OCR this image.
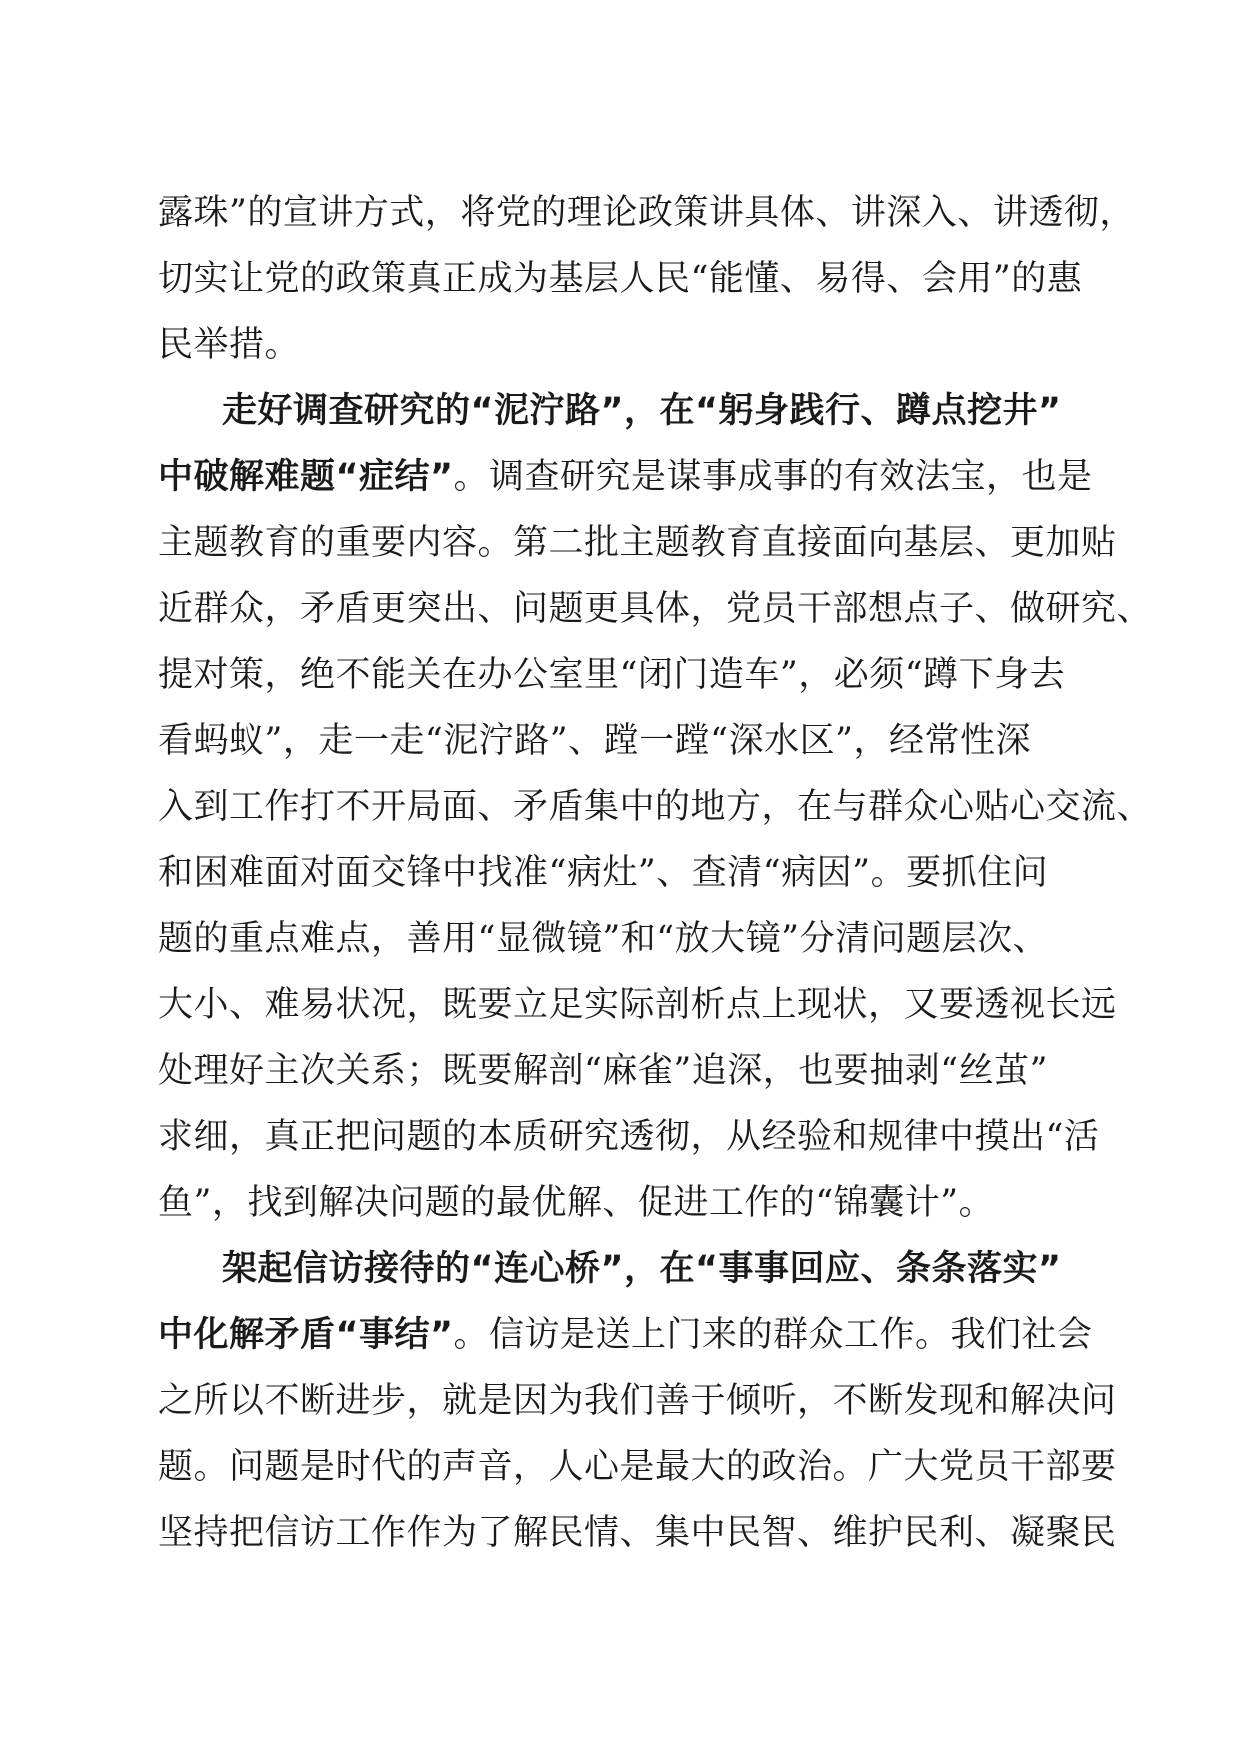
露珠”的宣讲方式，将党的理论政策讲具体、讲深入、讲透彻，
切实让党的政策真正成为基层人民“能懂、易得、会用”的惠
民举措。
走好调查研究的“泥泞路”，在“躬身践行、蹲点挖井”
中破解难题“症结”。调查研究是谋事成事的有效法宝，也是
主题教育的重要内容。第二批主题教育直接面向基层、更加贴
近群众，矛盾更突出、问题更具体，党员干部想点子、做研究、
提对策，绝不能关在办公室里“闭门造车”，必须“蹲下身去
看蚂蚁”，走一走“泥泞路”、蹚一蹚“深水区”，经常性深
入到工作打不开局面、矛盾集中的地方，在与群众心贴心交流、
和困难面对面交锋中找准“病灶”、查清“病因”。要抓住问
题的重点难点，善用“显微镜”和“放大镜”分清问题层次、
大小、难易状况，既要立足实际剖析点上现状，又要透视长远
处理好主次关系；既要解剖“麻雀”追深，也要抽剥“丝茧”
求细，真正把问题的本质研究透彻，从经验和规律中摸出“活
鱼”，找到解决问题的最优解、促进工作的“锦囊计”。
架起信访接待的“连心桥”，在“事事回应、条条落实”
中化解矛盾“事结”。信访是送上门来的群众工作。我们社会
之所以不断进步，就是因为我们善于倾听，不断发现和解决问
题。问题是时代的声音，人心是最大的政治。广大党员干部要
坚持把信访工作作为了解民情、集中民智、维护民利、凝聚民
